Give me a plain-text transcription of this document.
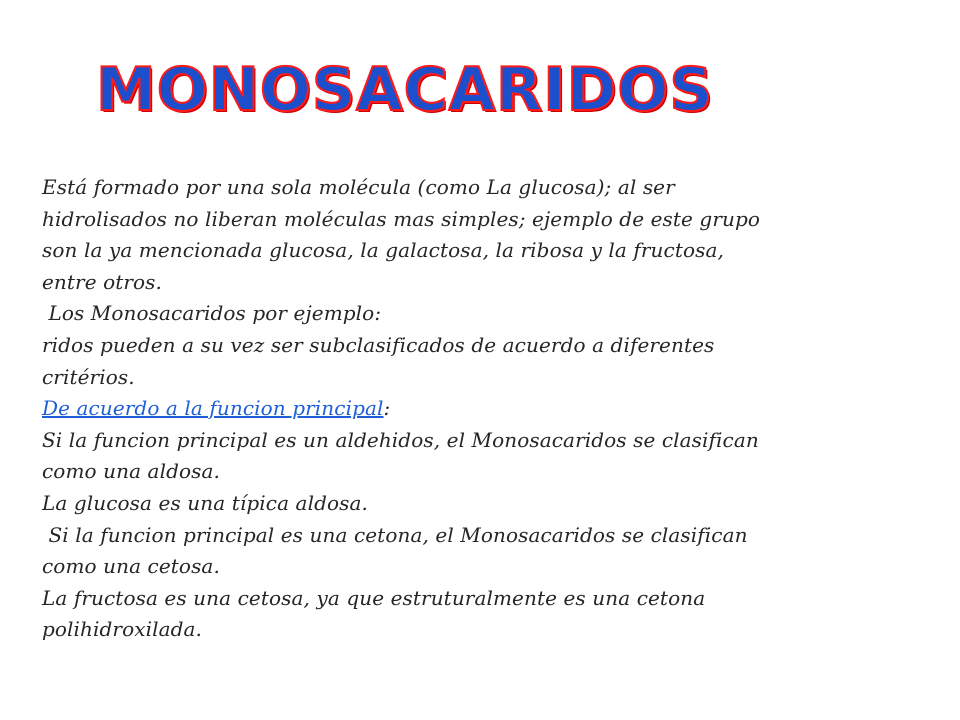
MONOSACARIDOS
Está formado por una sola molécula (como La glucosa); al ser
hidrolisados no liberan moléculas mas simples; ejemplo de este grupo
son la ya mencionada glucosa, la galactosa, la ribosa y la fructosa,
entre otros.
Los Monosacaridos por ejemplo:
ridos pueden a su vez ser subclasificados de acuerdo a diferentes
critérios.
De acuerdo a la funcion principal:
Si la funcion principal es un aldehidos, el Monosacaridos se clasifican
como una aldosa.
La glucosa es una típica aldosa.
Si la funcion principal es una cetona, el Monosacaridos se clasifican
como una cetosa.
La fructosa es una cetosa, ya que estruturalmente es una cetona
polihidroxilada.
